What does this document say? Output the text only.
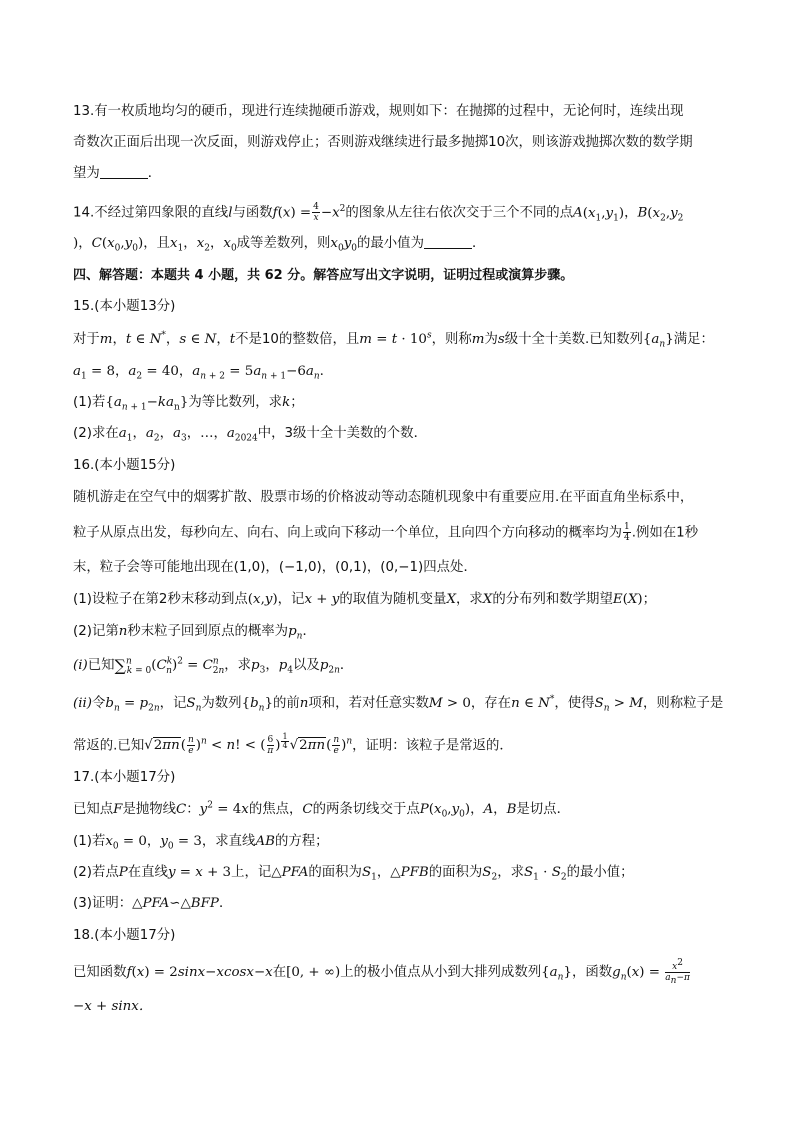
13.有一枚质地均匀的硬币，现进行连续抛硬币游戏，规则如下：在抛掷的过程中，无论何时，连续出现
奇数次正面后出现一次反面，则游戏停止；否则游戏继续进行最多抛掷10次，则该游戏抛掷次数的数学期
望为	．
14.不经过第四象限的直线l与函数$f(x) = \frac{4}{x} -x^2$的图象从左往右依次交于三个不同的点$A(x_1,y_1)$，$B(x_2,y_2$
)，$C(x_0,y_0)$，且$x_1$，$x_2$，$x_0$成等差数列，则$x_0y_0$的最小值为	．
四、解答题：本题共 4 小题，共 62 分。解答应写出文字说明，证明过程或演算步骤。
15.(本小题13分)
对于m，t ∈ N*，s ∈ N，t不是10的整数倍，且$m = t \cdot 10^s$，则称m为s级十全十美数.已知数列$\{a_n\}$满足：
$a_1 = 8$，$a_2 = 40$，$a_{n + 2} = 5a_{n + 1}-6a_n$.
(1)若$\{a_{n + 1}-ka_n\}$为等比数列，求k；
(2)求在$a_1$，$a_2$，$a_3$，…，$a_{2024}$中，3级十全十美数的个数．
16.(本小题15分)
随机游走在空气中的烟雾扩散、股票市场的价格波动等动态随机现象中有重要应用.在平面直角坐标系中，
粒子从原点出发，每秒向左、向右、向上或向下移动一个单位，且向四个方向移动的概率均为 $\frac{1}{4}$ .例如在1秒
末，粒子会等可能地出现在(1,0)，(−1,0)，(0,1)，(0,−1)四点处．
(1)设粒子在第2秒末移动到点(x,y)，记x + y的取值为随机变量X，求X的分布列和数学期望E(X)；
(2)记第n秒末粒子回到原点的概率为$p_n$．
(i)已知$\sum^n_{k = 0}(C^k_n)^2 = C^n_{2n}$，求$p_3$，$p_4$以及$p_{2n}$．
(ii)令$b_n = p_{2n}$，记$S_n$为数列$\{b_n\}$的前n项和，若对任意实数M > 0，存在n ∈ N*，使得$S_n > M$，则称粒子是
常返的.已知$√2\pi n( \frac{n}{e} )^n < n$! < ( $\frac{6}{\pi}$ ) $^{\frac{1}{4}}$ $√2\pi n( \frac{n}{e} )^n$，证明：该粒子是常返的．
17.(本小题17分)
已知点F是抛物线C：$y^2 = 4x$的焦点，C的两条切线交于点$P(x_0,y_0)$，A，B是切点．
(1)若$x_0 = 0$，$y_0 = 3$，求直线AB的方程；
(2)若点P在直线y = x + 3上，记△PFA的面积为$S_1$，△PFB的面积为$S_2$，求$S_1 \cdot S_2$的最小值；
(3)证明：△PFA∽△BFP．
18.(本小题17分)
已知函数f(x) = 2sinx−xcosx−x在[0, + ∞)上的极小值点从小到大排列成数列$\{a_n\}$，函数$g_n(x) = \frac{x^2}{a_n-\pi}$
−x + sinx．
